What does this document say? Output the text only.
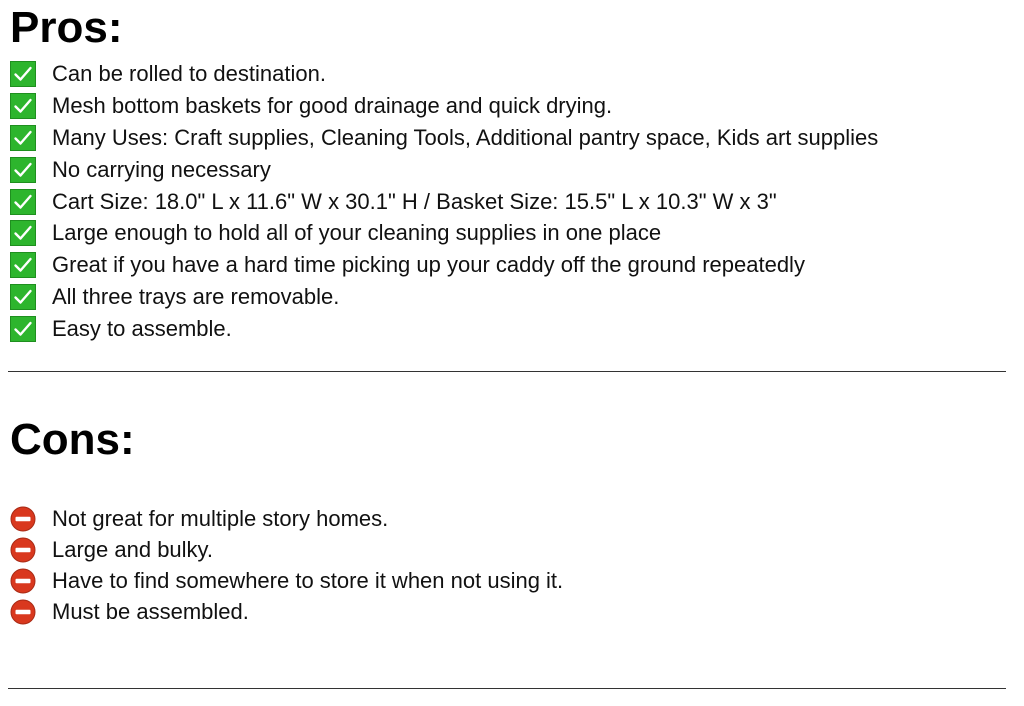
Pros:
Can be rolled to destination.
Mesh bottom baskets for good drainage and quick drying.
Many Uses: Craft supplies, Cleaning Tools, Additional pantry space, Kids art supplies
No carrying necessary
Cart Size: 18.0" L x 11.6" W x 30.1" H / Basket Size: 15.5" L x 10.3" W x 3"
Large enough to hold all of your cleaning supplies in one place
Great if you have a hard time picking up your caddy off the ground repeatedly
All three trays are removable.
Easy to assemble.
Cons:
Not great for multiple story homes.
Large and bulky.
Have to find somewhere to store it when not using it.
Must be assembled.
